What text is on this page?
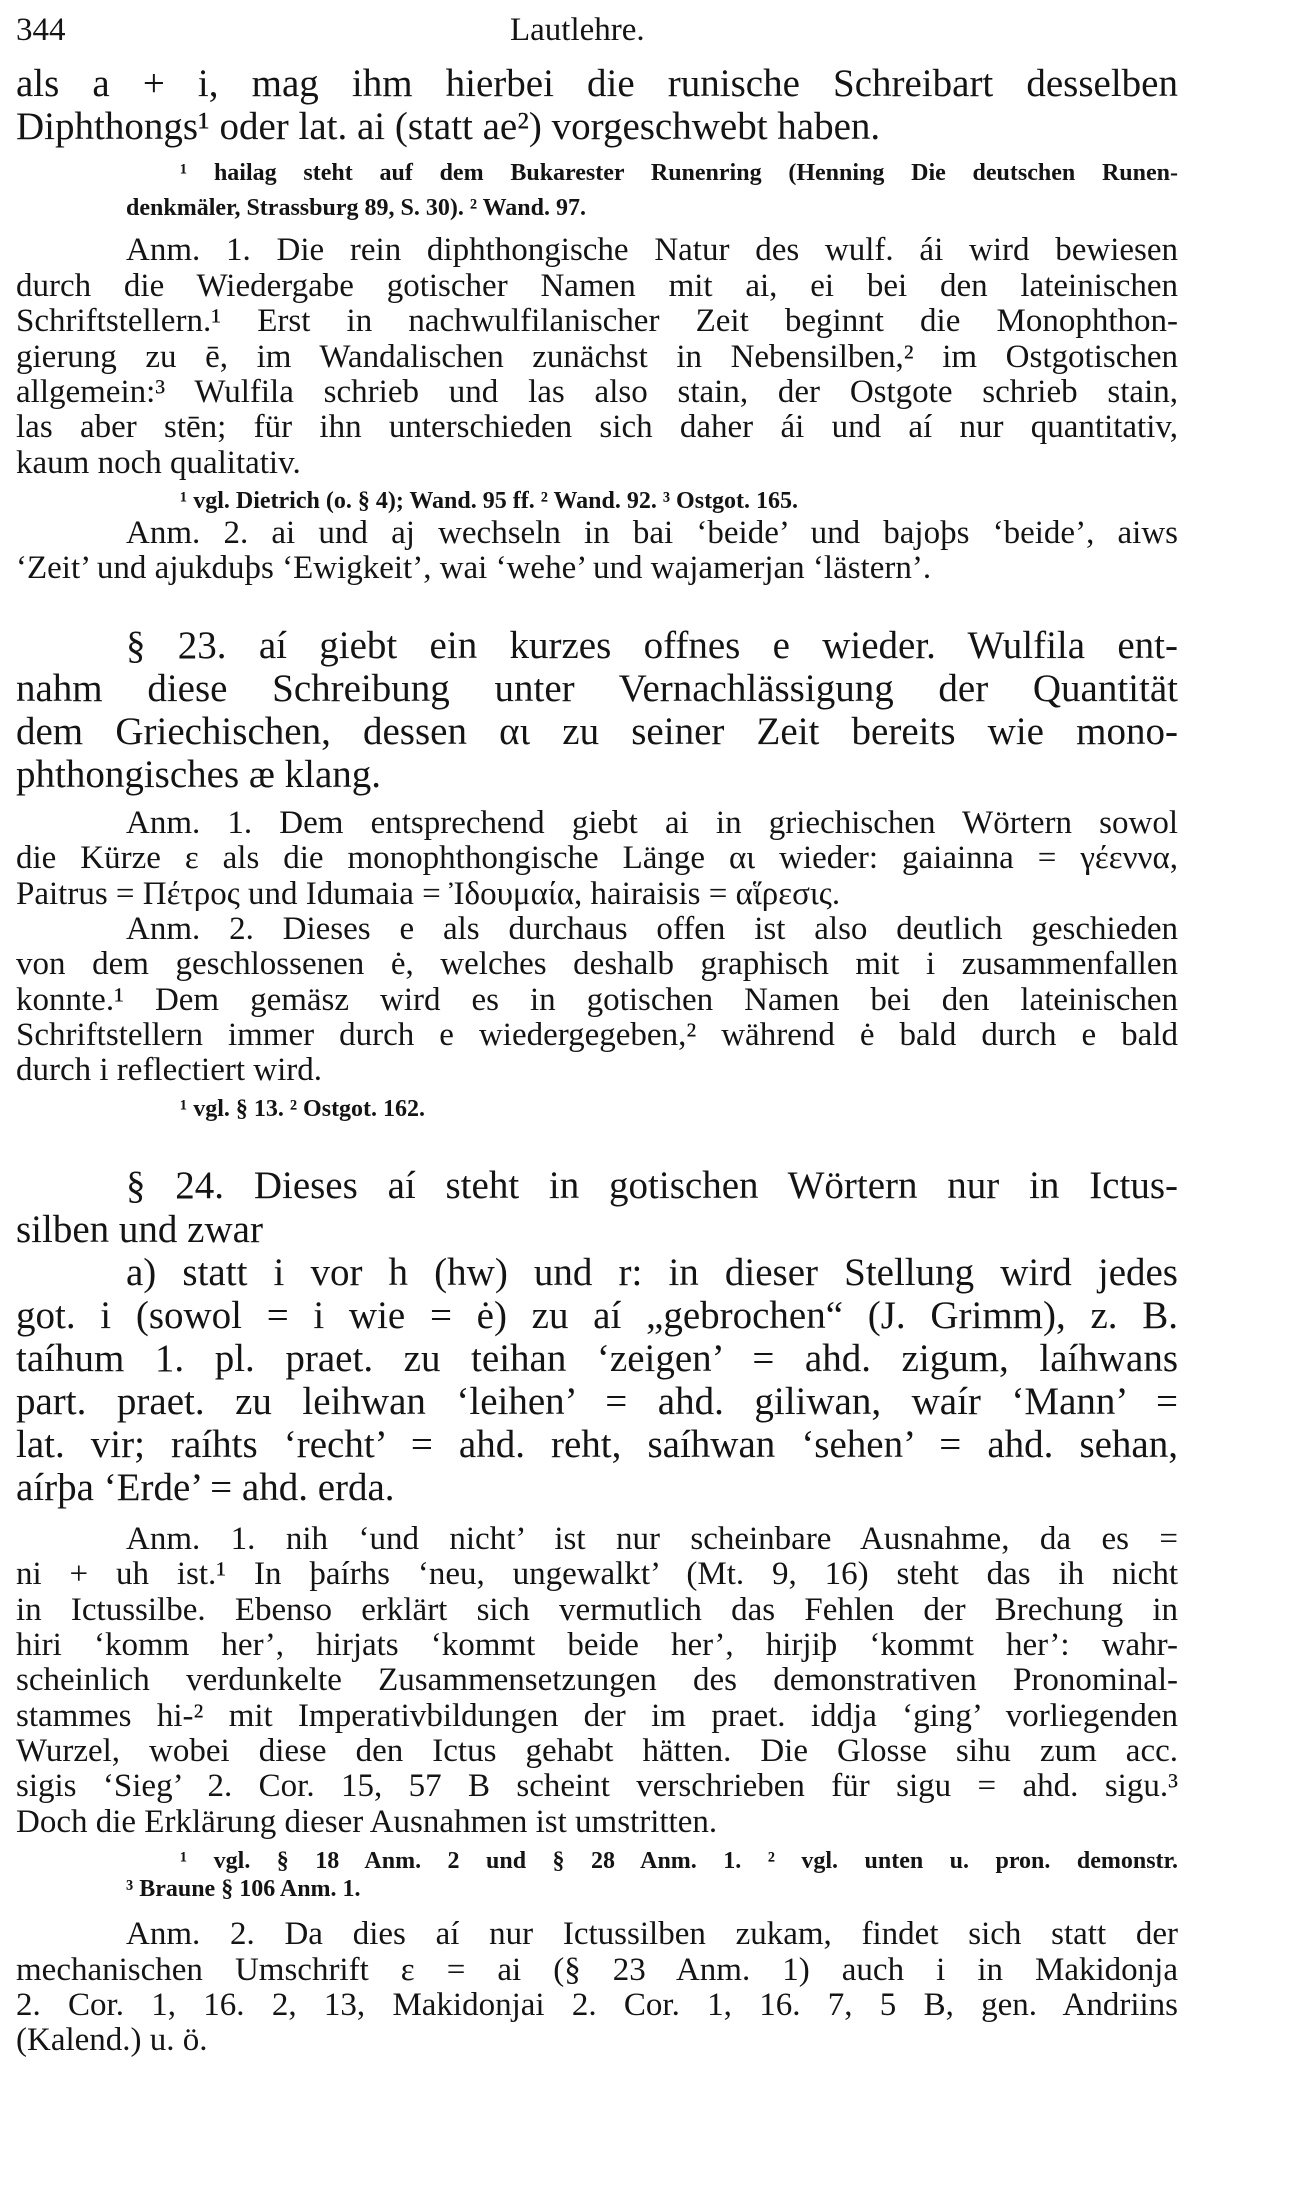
344	Lautlehre.
als a + i, mag ihm hierbei die runische Schreibart desselben
Diphthongs¹ oder lat. ai (statt ae²) vorgeschwebt haben.
¹ hailag steht auf dem Bukarester Runenring (Henning Die deutschen Runen-
denkmäler, Strassburg 89, S. 30). ² Wand. 97.
Anm. 1. Die rein diphthongische Natur des wulf. ái wird bewiesen
durch die Wiedergabe gotischer Namen mit ai, ei bei den lateinischen
Schriftstellern.¹ Erst in nachwulfilanischer Zeit beginnt die Monophthon-
gierung zu ē, im Wandalischen zunächst in Nebensilben,² im Ostgotischen
allgemein:³ Wulfila schrieb und las also stain, der Ostgote schrieb stain,
las aber stēn; für ihn unterschieden sich daher ái und aí nur quantitativ,
kaum noch qualitativ.
¹ vgl. Dietrich (o. § 4); Wand. 95 ff. ² Wand. 92. ³ Ostgot. 165.
Anm. 2. ai und aj wechseln in bai ‘beide’ und bajoþs ‘beide’, aiws
‘Zeit’ und ajukduþs ‘Ewigkeit’, wai ‘wehe’ und wajamerjan ‘lästern’.
§ 23. aí giebt ein kurzes offnes e wieder. Wulfila ent-
nahm diese Schreibung unter Vernachlässigung der Quantität
dem Griechischen, dessen αι zu seiner Zeit bereits wie mono-
phthongisches æ klang.
Anm. 1. Dem entsprechend giebt ai in griechischen Wörtern sowol
die Kürze ε als die monophthongische Länge αι wieder: gaiainna = γέεννα,
Paitrus = Πέτρος und Idumaia = Ἰδουμαία, hairaisis = αἵρεσις.
Anm. 2. Dieses e als durchaus offen ist also deutlich geschieden
von dem geschlossenen ė, welches deshalb graphisch mit i zusammenfallen
konnte.¹ Dem gemäsz wird es in gotischen Namen bei den lateinischen
Schriftstellern immer durch e wiedergegeben,² während ė bald durch e bald
durch i reflectiert wird.
¹ vgl. § 13. ² Ostgot. 162.
§ 24. Dieses aí steht in gotischen Wörtern nur in Ictus-
silben und zwar
a) statt i vor h (hw) und r: in dieser Stellung wird jedes
got. i (sowol = i wie = ė) zu aí „gebrochen“ (J. Grimm), z. B.
taíhum 1. pl. praet. zu teihan ‘zeigen’ = ahd. zigum, laíhwans
part. praet. zu leihwan ‘leihen’ = ahd. giliwan, waír ‘Mann’ =
lat. vir; raíhts ‘recht’ = ahd. reht, saíhwan ‘sehen’ = ahd. sehan,
aírþa ‘Erde’ = ahd. erda.
Anm. 1. nih ‘und nicht’ ist nur scheinbare Ausnahme, da es =
ni + uh ist.¹ In þaírhs ‘neu, ungewalkt’ (Mt. 9, 16) steht das ih nicht
in Ictussilbe. Ebenso erklärt sich vermutlich das Fehlen der Brechung in
hiri ‘komm her’, hirjats ‘kommt beide her’, hirjiþ ‘kommt her’: wahr-
scheinlich verdunkelte Zusammensetzungen des demonstrativen Pronominal-
stammes hi-² mit Imperativbildungen der im praet. iddja ‘ging’ vorliegenden
Wurzel, wobei diese den Ictus gehabt hätten. Die Glosse sihu zum acc.
sigis ‘Sieg’ 2. Cor. 15, 57 B scheint verschrieben für sigu = ahd. sigu.³
Doch die Erklärung dieser Ausnahmen ist umstritten.
¹ vgl. § 18 Anm. 2 und § 28 Anm. 1. ² vgl. unten u. pron. demonstr.
³ Braune § 106 Anm. 1.
Anm. 2. Da dies aí nur Ictussilben zukam, findet sich statt der
mechanischen Umschrift ε = ai (§ 23 Anm. 1) auch i in Makidonja
2. Cor. 1, 16. 2, 13, Makidonjai 2. Cor. 1, 16. 7, 5 B, gen. Andriins
(Kalend.) u. ö.
